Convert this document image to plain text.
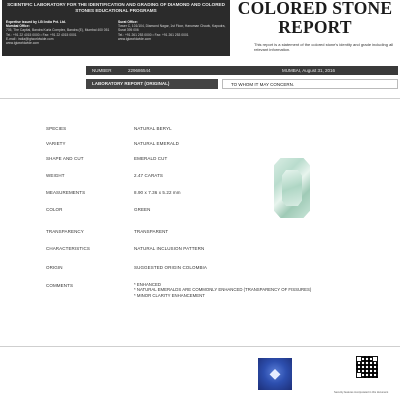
SCIENTIFIC LABORATORY FOR THE IDENTIFICATION AND GRADING OF DIAMOND AND COLORED STONES EDUCATIONAL PROGRAMS
Expertise issued by I-Gi India Pvt. Ltd.
Mumbai Office:
705, The Capital, Bandra Kurla Complex, Bandra (E), Mumbai 400 051
Tel.: +91 22 4015 0000 • Fax: +91 22 4015 0001
E-mail : india@igiworldwide.com
www.igiworldwide.com
Surat Office:
Tower C, 101/104, Diamond Nagar, 1st Floor, Hanuman Chowk, Kapodra, Surat 395 006
Tel.: +91 261 253 0000 • Fax: +91 261 253 0001
www.igiworldwide.com
COLORED STONE
REPORT
This report is a statement of the colored stone's identity and grade including all relevant information.
NUMBER	229686544	MUMBAI, August 31, 2016
LABORATORY REPORT (ORIGINAL)	TO WHOM IT MAY CONCERN.
SPECIES	NATURAL BERYL
VARIETY	NATURAL EMERALD
SHAPE AND CUT	EMERALD CUT
WEIGHT	2.47 CARATS
MEASUREMENTS	8.90 x 7.36 x 5.22 mm
COLOR	GREEN
TRANSPARENCY	TRANSPARENT
CHARACTERISTICS	NATURAL INCLUSION PATTERN
ORIGIN	SUGGESTED ORIGIN COLOMBIA
COMMENTS	* ENHANCED
* NATURAL EMERALDS ARE COMMONLY ENHANCED (TRANSPARENCY OF FISSURES)
* MINOR CLARITY ENHANCEMENT
◆
Security features incorporated in this document
